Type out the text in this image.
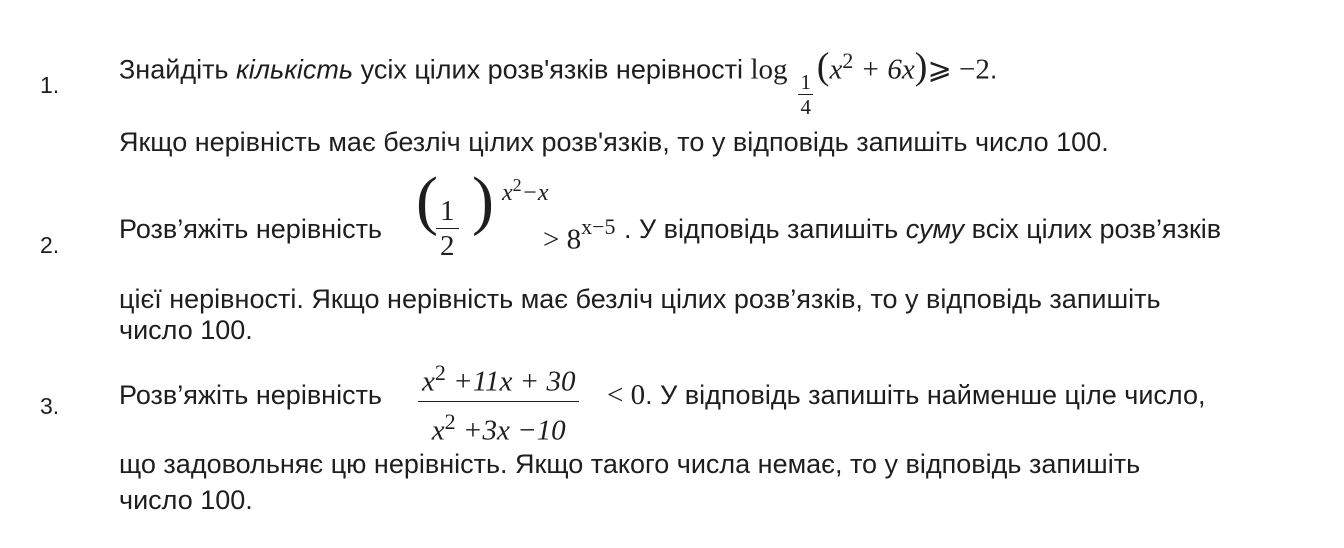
1.
Знайдіть кількість усіх цілих розв'язків нерівності log
$\frac{1}{4}$
($x^2$ + 6x)⩾ −2.
Якщо нерівність має безліч цілих розв'язків, то у відповідь запишіть число 100.
2.
Розв’яжіть нерівність (
$\frac{1}{2}$ ) $x^2-x$
> $8^{x-5}$ . У відповідь запишіть суму всіх цілих розв’язків
цієї нерівності. Якщо нерівність має безліч цілих розв’язків, то у відповідь запишіть
число 100.
3. Розв’яжіть нерівність $\frac{x^2 +11x + 30}{x^2 +3x -10} < 0$. У відповідь запишіть найменше ціле число,
що задовольняє цю нерівність. Якщо такого числа немає, то у відповідь запишіть
число 100.
